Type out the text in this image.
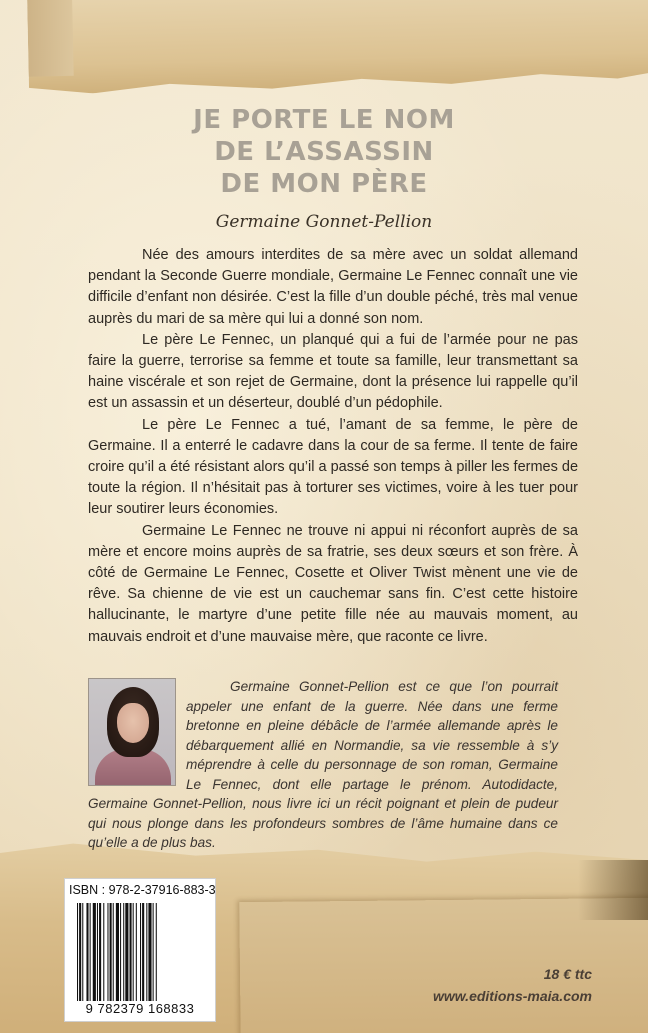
JE PORTE LE NOM
DE L’ASSASSIN
DE MON PÈRE
Germaine Gonnet-Pellion

Née des amours interdites de sa mère avec un soldat allemand pendant la Seconde Guerre mondiale, Germaine Le Fennec connaît une vie difficile d’enfant non désirée. C’est la fille d’un double péché, très mal venue auprès du mari de sa mère qui lui a donné son nom.

Le père Le Fennec, un planqué qui a fui de l’armée pour ne pas faire la guerre, terrorise sa femme et toute sa famille, leur transmettant sa haine viscérale et son rejet de Germaine, dont la présence lui rappelle qu’il est un assassin et un déserteur, doublé d’un pédophile.

Le père Le Fennec a tué, l’amant de sa femme, le père de Germaine. Il a enterré le cadavre dans la cour de sa ferme. Il tente de faire croire qu’il a été résistant alors qu’il a passé son temps à piller les fermes de toute la région. Il n’hésitait pas à torturer ses victimes, voire à les tuer pour leur soutirer leurs économies.

Germaine Le Fennec ne trouve ni appui ni réconfort auprès de sa mère et encore moins auprès de sa fratrie, ses deux sœurs et son frère. À côté de Germaine Le Fennec, Cosette et Oliver Twist mènent une vie de rêve. Sa chienne de vie est un cauchemar sans fin. C’est cette histoire hallucinante, le martyre d’une petite fille née au mauvais moment, au mauvais endroit et d’une mauvaise mère, que raconte ce livre.

Germaine Gonnet-Pellion est ce que l’on pourrait appeler une enfant de la guerre. Née dans une ferme bretonne en pleine débâcle de l’armée allemande après le débarquement allié en Normandie, sa vie ressemble à s’y méprendre à celle du personnage de son roman, Germaine Le Fennec, dont elle partage le prénom. Autodidacte, Germaine Gonnet-Pellion, nous livre ici un récit poignant et plein de pudeur qui nous plonge dans les profondeurs sombres de l’âme humaine dans ce qu’elle a de plus bas.
ISBN : 978-2-37916-883-3
9 782379 168833
18 € ttc
www.editions-maia.com
